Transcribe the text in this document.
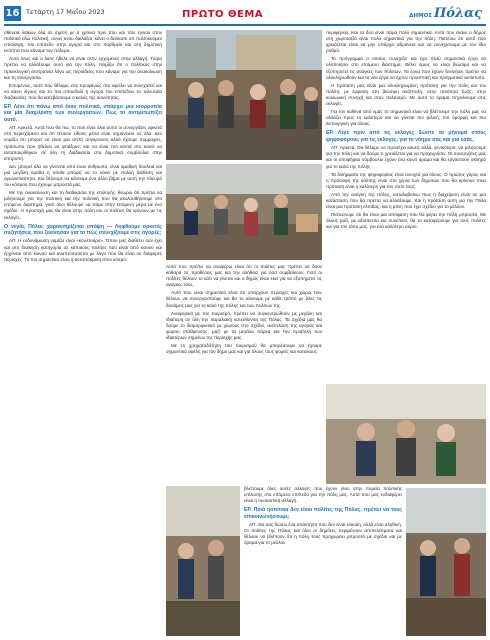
16 Τετάρτη 17 Μαΐου 2023	ΠΡΩΤΟ ΘΕΜΑ	ΔΗΜΟΣ Πόλας

σθένεια λαϊκών όλα σε σχέση με 4 χρόνια πριν που και τότε έγιναν στον πολιτικό εδώ πολιτική, συνεί τιναυ δαίλαξας κάνει ο δελίκοπι οπ πολίτικούμεν επίσκεψη, του επίπεδο στην αγορά και στο πορθμείο και στη δημοτική ενότητα που κάναμε τον πόλεμο.

Αυτό ίσως και ο λαός ήθελε να είναι στην ερχομένες στην αλλαγή. Τώρα πρέπει να αλλάξουμε αυτό για την πόλη. Νομίζω ότι ο πολίτικος στην προεκλογική εκστρατεία λόγο ως περιοδείες που κάναμε για την ανακοίνωση και τη συνεργασία.

Επομένως, αυτό που θέλαμε, είτε προφανώς στο οφείλει να συνεχιστεί και να κάνει λίγους και το πιο σπουδαίο η αγορά του επιπέδου τα τελευταία διαδικασίες που θα κατεβάσουμε ο καλός της κοινότητας.

ΕΡ. Λένε ότι πάνω από έναν πολιτικό, υπάρχει μια ισορροπία και μία διαχείριση των συνεργασιών. Πώς το αντιμετωπίζει αυτό.

ΑΠ. Αρκετά. Αυτά που θα πω, το πού είναι όλοι αυτοί οι συνεργάτες αρκετά στο περιεχόμενο και ότι τέτοιου είδους μέσα είναι σημαντικοί σε όλα. Δεν νομίζω ότι μπορεί να είναι μια απλή σύγκρουση αλλά έχουμε συμμαχίες, πρόσωπα που ήθελαν να φτιάξουν, και να είναι πιο κοντά στο κοινό να ανταποκρίθηκαν σε όλη τη διαδικασία στα δημοτικά συμβούλια στην επιτροπή.

Δεν μπορεί όλα να γίνονται από έναν άνθρωπο, είναι ομαδική δουλειά και μια μεγάλη ομάδα η οποία μπορεί να το κάνει με πολλή διάθεση και αγωνιστικότητα. Και θέλουμε να κάνουμε ένα άλλο βήμα με αυτή την πλευρά του κόσμου που έχουμε μπροστά μας.

Με την ανακοίνωση και τη διαδικασία της επιλογής, θεωρώ ότι πρέπει να μιλήσουμε για την πολιτική και την πολιτική που θα ακολουθήσουμε στο επόμενο διάστημα, γιατί όλοι θέλουμε να πάμε στην επόμενη μέρα με ένα σχέδιο. Η προσοχή μας θα είναι στην πόλη και οι πολίτες θα κρίνουν με τις εκλογές.

Ο νεγάς Πόλας χαρακτηρίζεται υπόψη — Ληφθούμε αρκετές συζητήσεις που ξεκίνησαν για το πώς συνεχίζουμε στις αγορές;

ΑΠ. Η ενδυνάμωση νομίζω είναι «κουλτούρα». Όπου μας διαθέτει σαν έχει και στη διοίκηση κατηγορία σε κάποιους πολίτες που είναι από κοινού και έρχονται από κοινού και αναπτύσσονται με λόγο που θα είναι σε διάφορες περιοχές. Το πιο σημαντικό είναι η ανταπόκριση στον κόσμο.

Αυτό που πρέπει να αναφέρω είναι ότι οι πολίτες μας πρέπει να δουν καθαρά τις προθέσεις μας και την αλήθεια για όσα συμβαίνουν. Γιατί οι πολίτες θέλουν το κάτι να γίνεται και ο δήμος είναι εκεί για να εξυπηρετεί τις ανάγκες τους.

Αυτό που είναι σημαντικό είναι ότι υπάρχουν περιοχές και χώροι που θέλουν να συνεργαστούμε και θα το κάνουμε με κάθε τρόπο με όλες τις δυνάμεις μας για το καλό της πόλης και των πολιτών της.

Αναφορικά με τον τουρισμό, πρέπει να συγκεντρωθούν με μεγάλη και ιδιαίτερη σε όλη την παραλιακή κατεύθυνση της Πόλας. Τα σχέδια μας θα δούμε το διαμορφωτικό με χώρους στο σχέδιο, ανάπλαση της αγοράς και χώρου στάθμευσης, μαζί με τα μεγάλα πάρκα και την προβολή των ιδιαιτέρων σημείων της περιοχής μας.

Με τη χρηματοδότηση του τουρισμού θα μπορέσουμε να έχουμε σημαντικά οφέλη για τον δήμο μας και για όλους τους φορείς και κατοίκους.

βλέπουμε όλες αυτές αλλαγές που έχουν γίνει στην πορεία πολιτικής επίλυσης στο επόμενο επίπεδο για την πόλη μας. Αυτό που μας ενδιαφέρει είναι η ουσιαστική αλλαγή.

ΕΡ. Ποιά ηοπίτικα δεν είναι πολίτες της Πόλας, πρέπει να τους επικοινωνήσουμε;

ΑΠ. Θα σας δώσω ένα απάντηση που δεν είναι εύκολη, αλλά είναι αληθινή. Οι πολίτες της Πόλας και όλοι οι δημότες περιμένουν αποτελέσματα και θέλουν να βλέπουν ότι η πόλη τους προχωράει μπροστά με σχέδιο και με όραμα για το μέλλον.

περιφέρεια. Και τα δύο είναι πάρα πολύ σημαντικά. Αυτά που έκανε ο δήμος στη χωροταξία είναι πολύ σημαντικά για την πόλη. Πιστεύω ότι αυτό που χρειάζεται είναι να μην υπάρχει αδράνεια και να συνεχίσουμε με τον ίδιο ρυθμό.

Το πρόγραμμα ο οποίος συνεχίζει και έχει πολύ σημαντικά έργα να υλοποιήσει στο επόμενο διάστημα. Θέλει όμως να είναι βιώσιμο και να εξυπηρετεί τις ανάγκες των πολιτών. Τα έργα που έχουν ξεκινήσει πρέπει να ολοκληρωθούν και τα νέα έργα να έχουν προοπτική και πραγματικό αντίκτυπο.

Η πρόταση μας είναι μια ολοκληρωμένη πρόταση για την πόλη και τον πολίτη, με έμφαση στη βιώσιμη ανάπτυξη, στην ποιότητα ζωής, στην κοινωνική συνοχή και στον πολιτισμό. Με αυτό το όραμα πηγαίνουμε στις εκλογές.

Για τον καθένα από εμάς το σημαντικό είναι να βλέπουμε την πόλη μας να αλλάζει προς το καλύτερο και να γίνεται πιο φιλική, πιο όμορφη και πιο λειτουργική για όλους.

ΕΡ. Λέγε πριν από τις εκλογές δώστε το μήνυμα στους ψηφοφόρους για τις εκλογές, για το νόημα σας και για εσάς.

ΑΠ. Αρκετά. Θα θέλαμε να προσέχει κανείς αλλά, γενικότερα, να μιλήσουμε για την πόλη και να δούμε τι χρειάζεται για να προχωρήσει. Οι συνεργάτες μας και οι υποψήφιοι σύμβουλοι έχουν ένα κοινό όραμα και θα εργαστούν σκληρά για το καλό της πόλης.

Τα διλήμματα της ψηφοφορίας είναι ανοιχτά για όλους. Ο πρώτος γύρος και η πρόσοψη της κάλπης είναι στα χέρια των δημοτών που θα κρίνουν ποια πρόταση είναι η καλύτερη για τον τόπο τους.

Από την ανάγκη της πόλης, καταλαβαίνω πως η διαχείριση είναι σε μια κατάσταση που θα πρέπει να αλλάξουμε. Και η πρόταση αυτή για την Πόλα είναι μια πρόταση ελπίδας, και η μόνη που έχει σχέδιο για το μέλλον.

Πιστεύουμε ότι θα είναι μια απόφαση που θα φέρει την πόλη μπροστά. Με όλους μαζί, με αξιοπιστία και συνέπεια, θα τα καταφέρουμε για τους πολίτες και για τον τόπο μας, για ένα καλύτερο αύριο.
